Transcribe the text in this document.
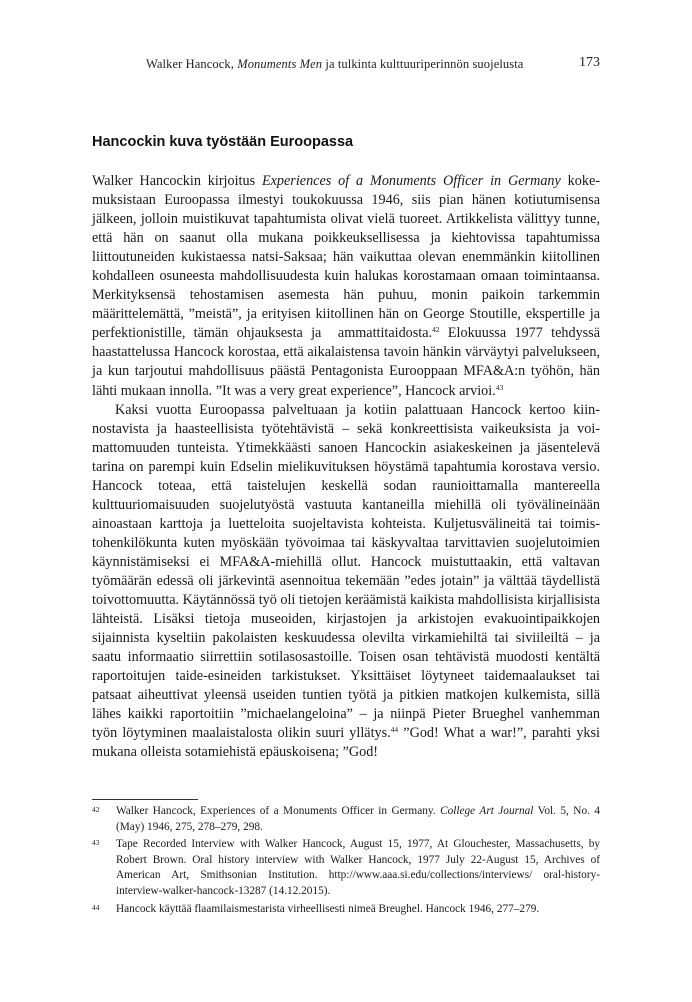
Walker Hancock, Monuments Men ja tulkinta kulttuuriperinnön suojelusta	173
Hancockin kuva työstään Euroopassa

Walker Hancockin kirjoitus Experiences of a Monuments Officer in Germany kokemuksistaan Euroopassa ilmestyi toukokuussa 1946, siis pian hänen kotiutumisensa jälkeen, jolloin muistikuvat tapahtumista olivat vielä tuoreet. Artikkelista välittyy tunne, että hän on saanut olla mukana poikkeuksellisessa ja kiehtovissa tapahtumissa liittoutuneiden kukistaessa natsi-Saksaa; hän vaikuttaa olevan enemmänkin kiitollinen kohdalleen osuneesta mahdollisuudesta kuin halukas korostamaan omaan toimintaansa. Merkityksensä tehostamisen asemesta hän puhuu, monin paikoin tarkemmin määrittelemättä, ”meistä”, ja erityisen kiitollinen hän on George Stoutille, ekspertille ja perfektionistille, tämän ohjauksesta ja  ammattitaidosta.$^{42}$ Elokuussa 1977 tehdyssä haastattelussa Hancock korostaa, että aikalaistensa tavoin hänkin värväytyi palvelukseen, ja kun tarjoutui mahdollisuus päästä Pentagonista Eurooppaan MFA&A:n työhön, hän lähti mukaan innolla. ”It was a very great experience”, Hancock arvioi.$^{43}$

Kaksi vuotta Euroopassa palveltuaan ja kotiin palattuaan Hancock kertoo kiinnostavista ja haasteellisista työtehtävistä – sekä konkreettisista vaikeuksista ja voimattomuuden tunteista. Ytimekkäästi sanoen Hancockin asiakeskeinen ja jäsentelevä tarina on parempi kuin Edselin mielikuvituksen höystämä tapahtumia korostava versio. Hancock toteaa, että taistelujen keskellä sodan raunioittamalla mantereella kulttuuriomaisuuden suojelutyöstä vastuuta kantaneilla miehillä oli työvälineinään ainoastaan karttoja ja luetteloita suojeltavista kohteista. Kuljetusvälineitä tai toimistohenkilökunta kuten myöskään työvoimaa tai käskyvaltaa tarvittavien suojelutoimien käynnistämiseksi ei MFA&A-miehillä ollut. Hancock muistuttaakin, että valtavan työmäärän edessä oli järkevintä asennoitua tekemään ”edes jotain” ja välttää täydellistä toivottomuutta. Käytännössä työ oli tietojen keräämistä kaikista mahdollisista kirjallisista lähteistä. Lisäksi tietoja museoiden, kirjastojen ja arkistojen evakuointipaikkojen sijainnista kyseltiin pakolaisten keskuudessa olevilta virkamiehiltä tai siviileiltä – ja saatu informaatio siirrettiin sotilasosastoille. Toisen osan tehtävistä muodosti kentältä raportoitujen taide-esineiden tarkistukset. Yksittäiset löytyneet taidemaalaukset tai patsaat aiheuttivat yleensä useiden tuntien työtä ja pitkien matkojen kulkemista, sillä lähes kaikki raportoitiin ”michaelangeloina” – ja niinpä Pieter Brueghel vanhemman työn löytyminen maalaistalosta olikin suuri yllätys.$^{44}$ ”God! What a war!”, parahti yksi mukana olleista sotamiehistä epäuskoisena; ”God!

42	Walker Hancock, Experiences of a Monuments Officer in Germany. College Art Journal Vol. 5, No. 4 (May) 1946, 275, 278–279, 298.
43	Tape Recorded Interview with Walker Hancock, August 15, 1977, At Glouchester, Massachusetts, by Robert Brown. Oral history interview with Walker Hancock, 1977 July 22-August 15, Archives of American Art, Smithsonian Institution. http://www.aaa.si.edu/collections/interviews/ oral-history-interview-walker-hancock-13287 (14.12.2015).
44	Hancock käyttää flaamilaismestarista virheellisesti nimeä Breughel. Hancock 1946, 277–279.
